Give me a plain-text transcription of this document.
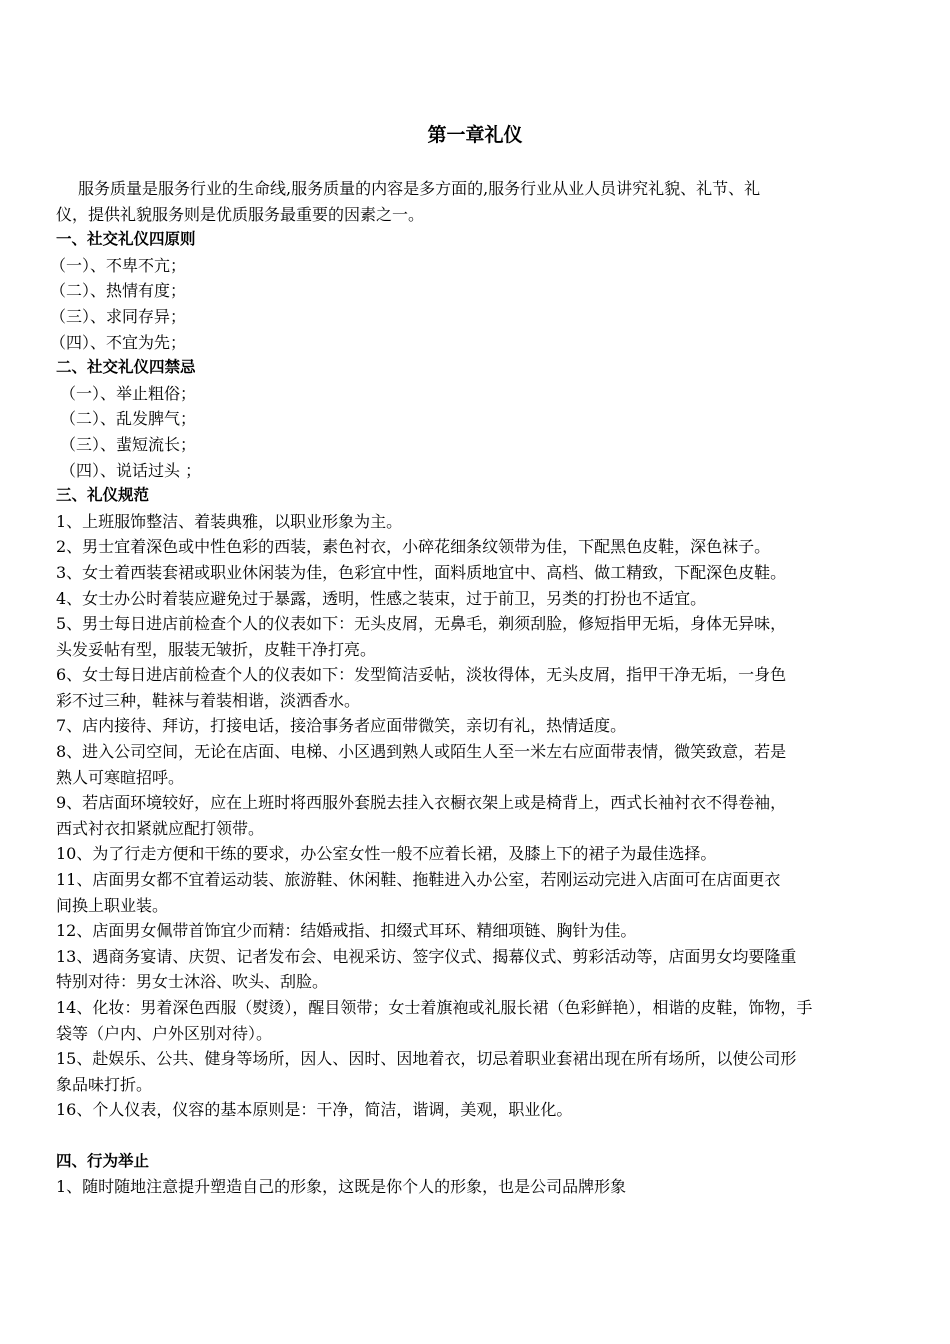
第一章礼仪
服务质量是服务行业的生命线,服务质量的内容是多方面的,服务行业从业人员讲究礼貌、礼节、礼
仪，提供礼貌服务则是优质服务最重要的因素之一。
一、社交礼仪四原则
（一）、不卑不亢；
（二）、热情有度；
（三）、求同存异；
（四）、不宜为先；
二、社交礼仪四禁忌
（一）、举止粗俗；
（二）、乱发脾气；
（三）、蜚短流长；
（四）、说话过头 ；
三、礼仪规范
1、上班服饰整洁、着装典雅，以职业形象为主。
2、男士宜着深色或中性色彩的西装，素色衬衣，小碎花细条纹领带为佳，下配黑色皮鞋，深色袜子。
3、女士着西装套裙或职业休闲装为佳，色彩宜中性，面料质地宜中、高档、做工精致，下配深色皮鞋。
4、女士办公时着装应避免过于暴露，透明，性感之装束，过于前卫，另类的打扮也不适宜。
5、男士每日进店前检查个人的仪表如下：无头皮屑，无鼻毛，剃须刮脸，修短指甲无垢，身体无异味，
头发妥帖有型，服装无皱折，皮鞋干净打亮。
6、女士每日进店前检查个人的仪表如下：发型简洁妥帖，淡妆得体，无头皮屑，指甲干净无垢，一身色
彩不过三种，鞋袜与着装相谐，淡洒香水。
7、店内接待、拜访，打接电话，接洽事务者应面带微笑，亲切有礼，热情适度。
8、进入公司空间，无论在店面、电梯、小区遇到熟人或陌生人至一米左右应面带表情，微笑致意，若是
熟人可寒暄招呼。
9、若店面环境较好，应在上班时将西服外套脱去挂入衣橱衣架上或是椅背上，西式长袖衬衣不得卷袖，
西式衬衣扣紧就应配打领带。
10、为了行走方便和干练的要求，办公室女性一般不应着长裙，及膝上下的裙子为最佳选择。
11、店面男女都不宜着运动装、旅游鞋、休闲鞋、拖鞋进入办公室，若刚运动完进入店面可在店面更衣
间换上职业装。
12、店面男女佩带首饰宜少而精：结婚戒指、扣缀式耳环、精细项链、胸针为佳。
13、遇商务宴请、庆贺、记者发布会、电视采访、签字仪式、揭幕仪式、剪彩活动等，店面男女均要隆重
特别对待：男女士沐浴、吹头、刮脸。
14、化妆：男着深色西服（熨烫），醒目领带；女士着旗袍或礼服长裙（色彩鲜艳），相谐的皮鞋，饰物，手
袋等（户内、户外区别对待）。
15、赴娱乐、公共、健身等场所，因人、因时、因地着衣，切忌着职业套裙出现在所有场所，以使公司形
象品味打折。
16、个人仪表，仪容的基本原则是：干净，简洁，谐调，美观，职业化。
四、行为举止
1、随时随地注意提升塑造自己的形象，这既是你个人的形象，也是公司品牌形象
